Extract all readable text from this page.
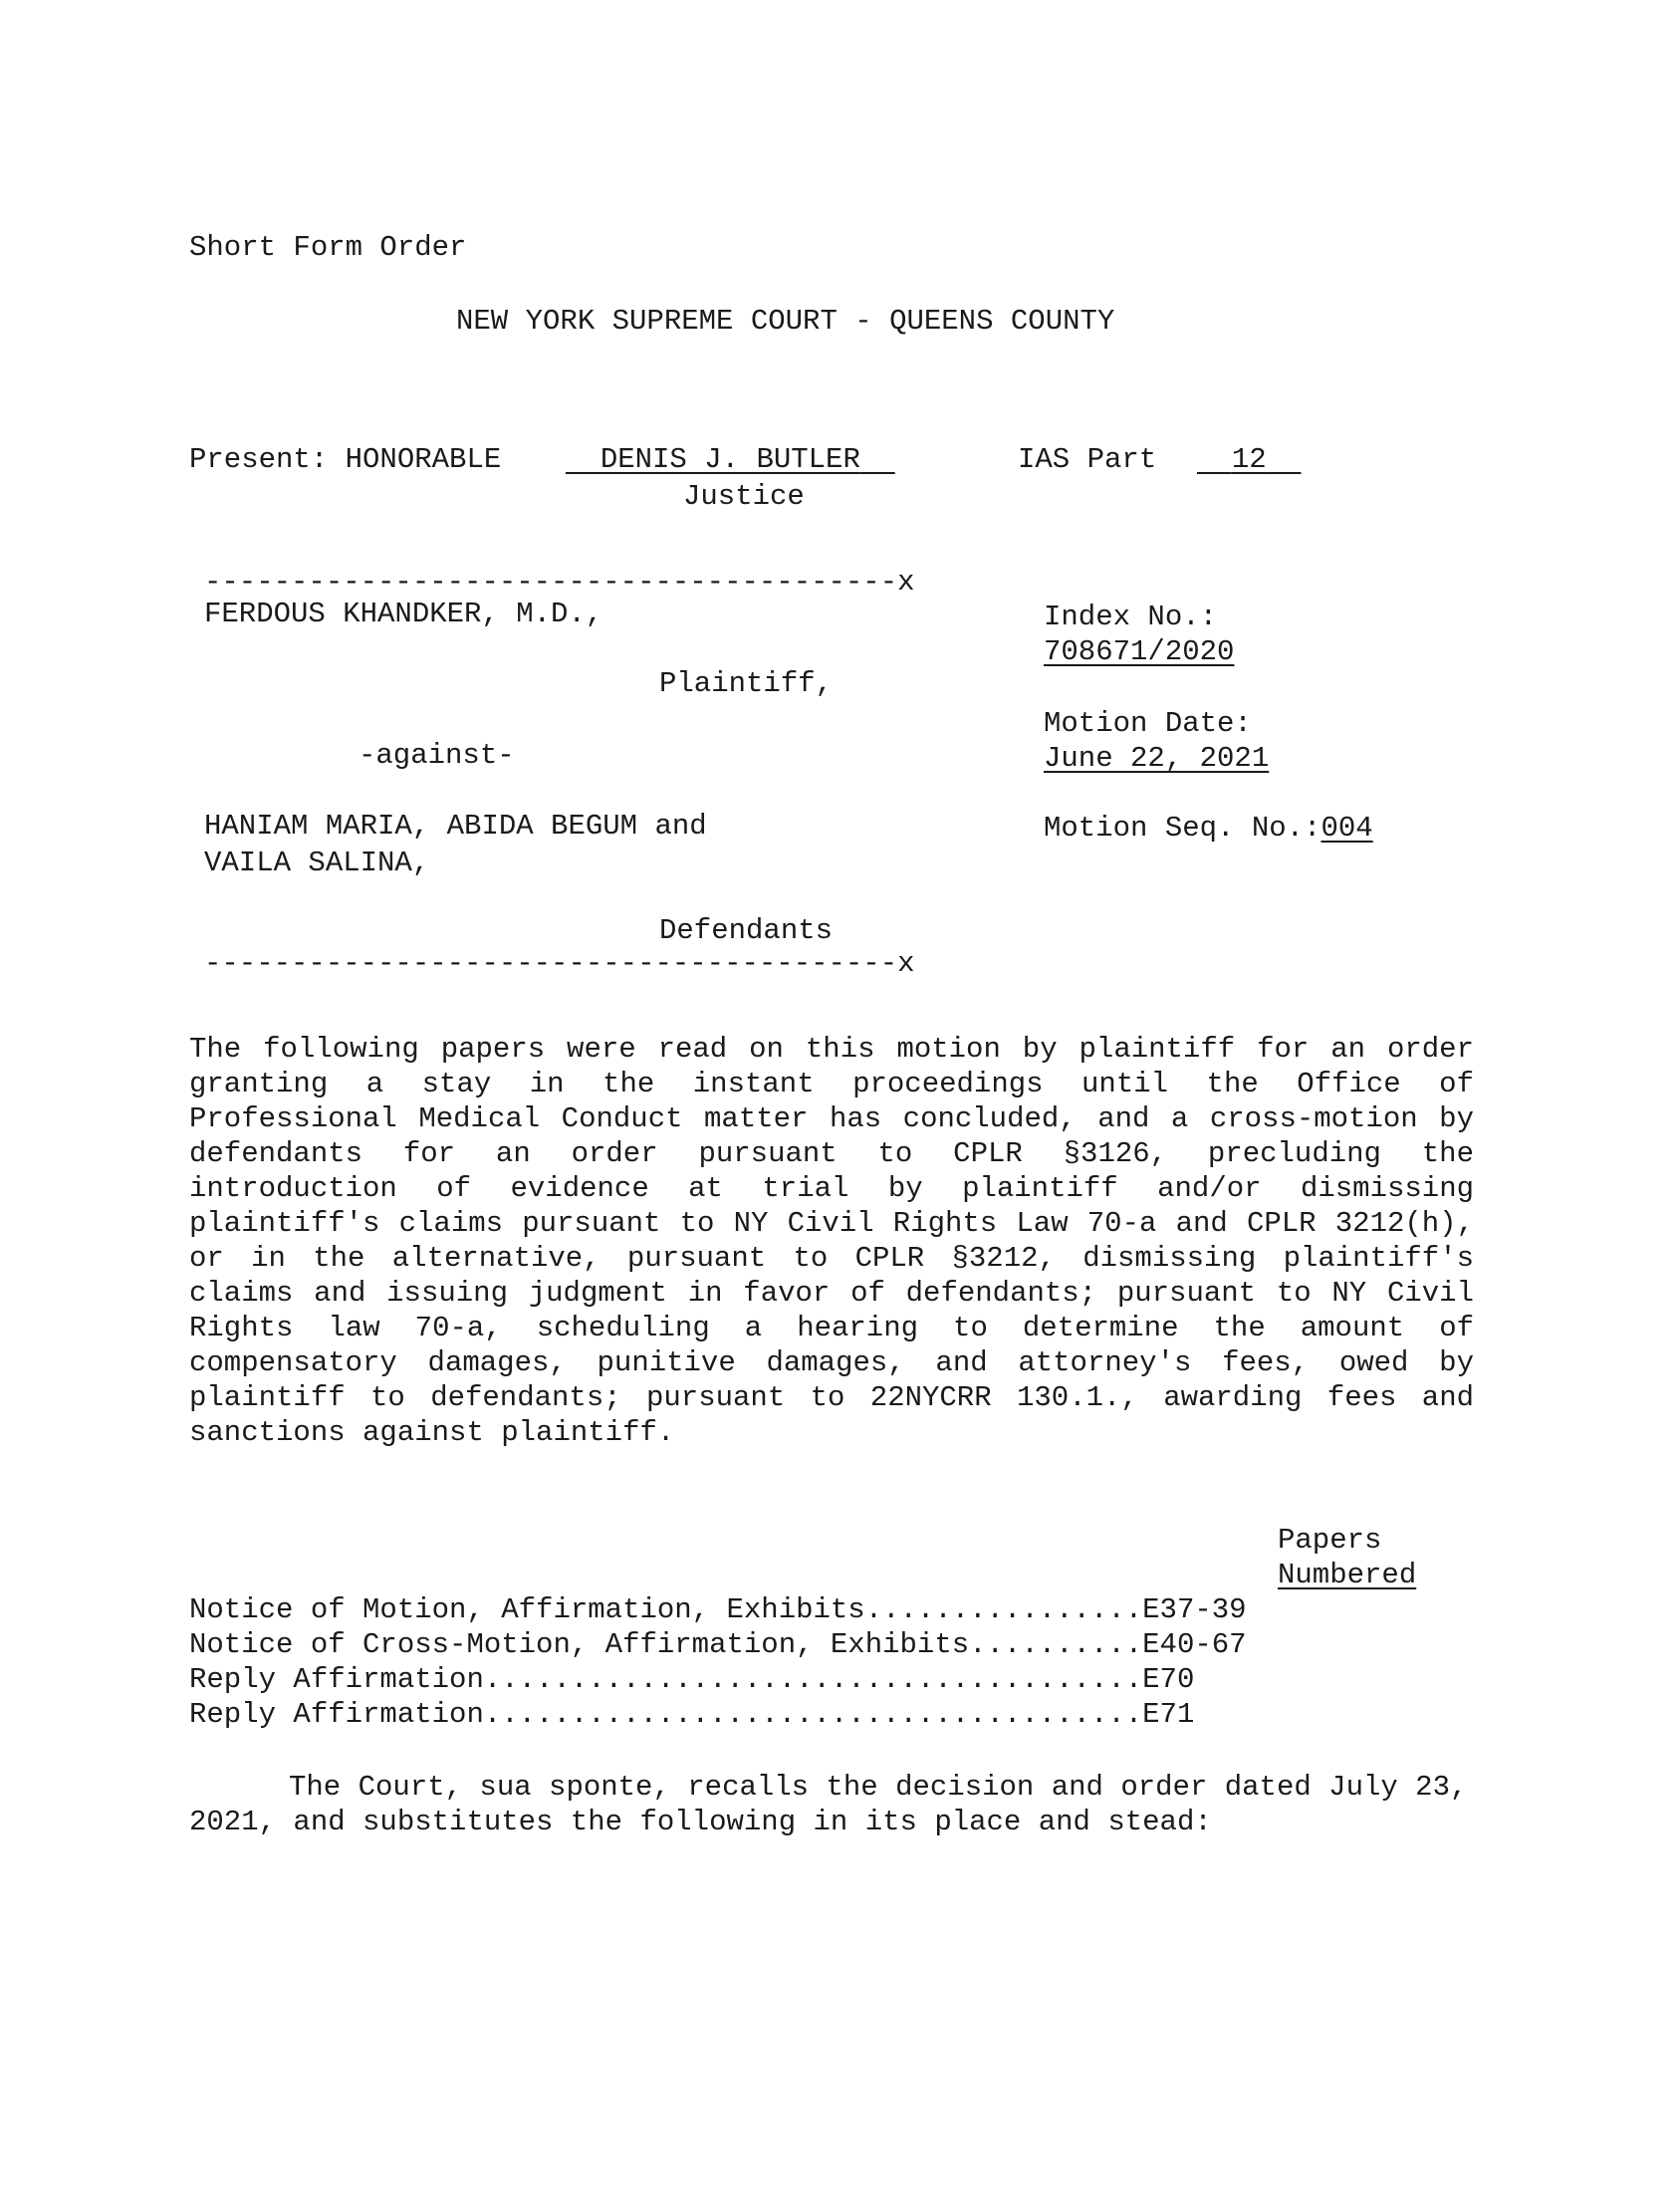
Short Form Order
NEW YORK SUPREME COURT - QUEENS COUNTY
Present: HONORABLE	DENIS J. BUTLER
Justice
IAS Part	12
----------------------------------------x
FERDOUS KHANDKER, M.D.,
Plaintiff,
-against-
HANIAM MARIA, ABIDA BEGUM and
VAILA SALINA,
Defendants
----------------------------------------x
Index No.:
708671/2020
Motion Date:
June 22, 2021
Motion Seq. No.:004
The following papers were read on this motion by plaintiff for an order granting a stay in the instant proceedings until the Office of Professional Medical Conduct matter has concluded, and a cross-motion by defendants for an order pursuant to CPLR §3126, precluding the introduction of evidence at trial by plaintiff and/or dismissing plaintiff's claims pursuant to NY Civil Rights Law 70-a and CPLR 3212(h), or in the alternative, pursuant to CPLR §3212, dismissing plaintiff's claims and issuing judgment in favor of defendants; pursuant to NY Civil Rights law 70-a, scheduling a hearing to determine the amount of compensatory damages, punitive damages, and attorney's fees, owed by plaintiff to defendants; pursuant to 22NYCRR 130.1., awarding fees and sanctions against plaintiff.
Papers
Numbered
Notice of Motion, Affirmation, Exhibits................E37-39
Notice of Cross-Motion, Affirmation, Exhibits..........E40-67
Reply Affirmation......................................E70
Reply Affirmation......................................E71
The Court, sua sponte, recalls the decision and order dated July 23, 2021, and substitutes the following in its place and stead:
